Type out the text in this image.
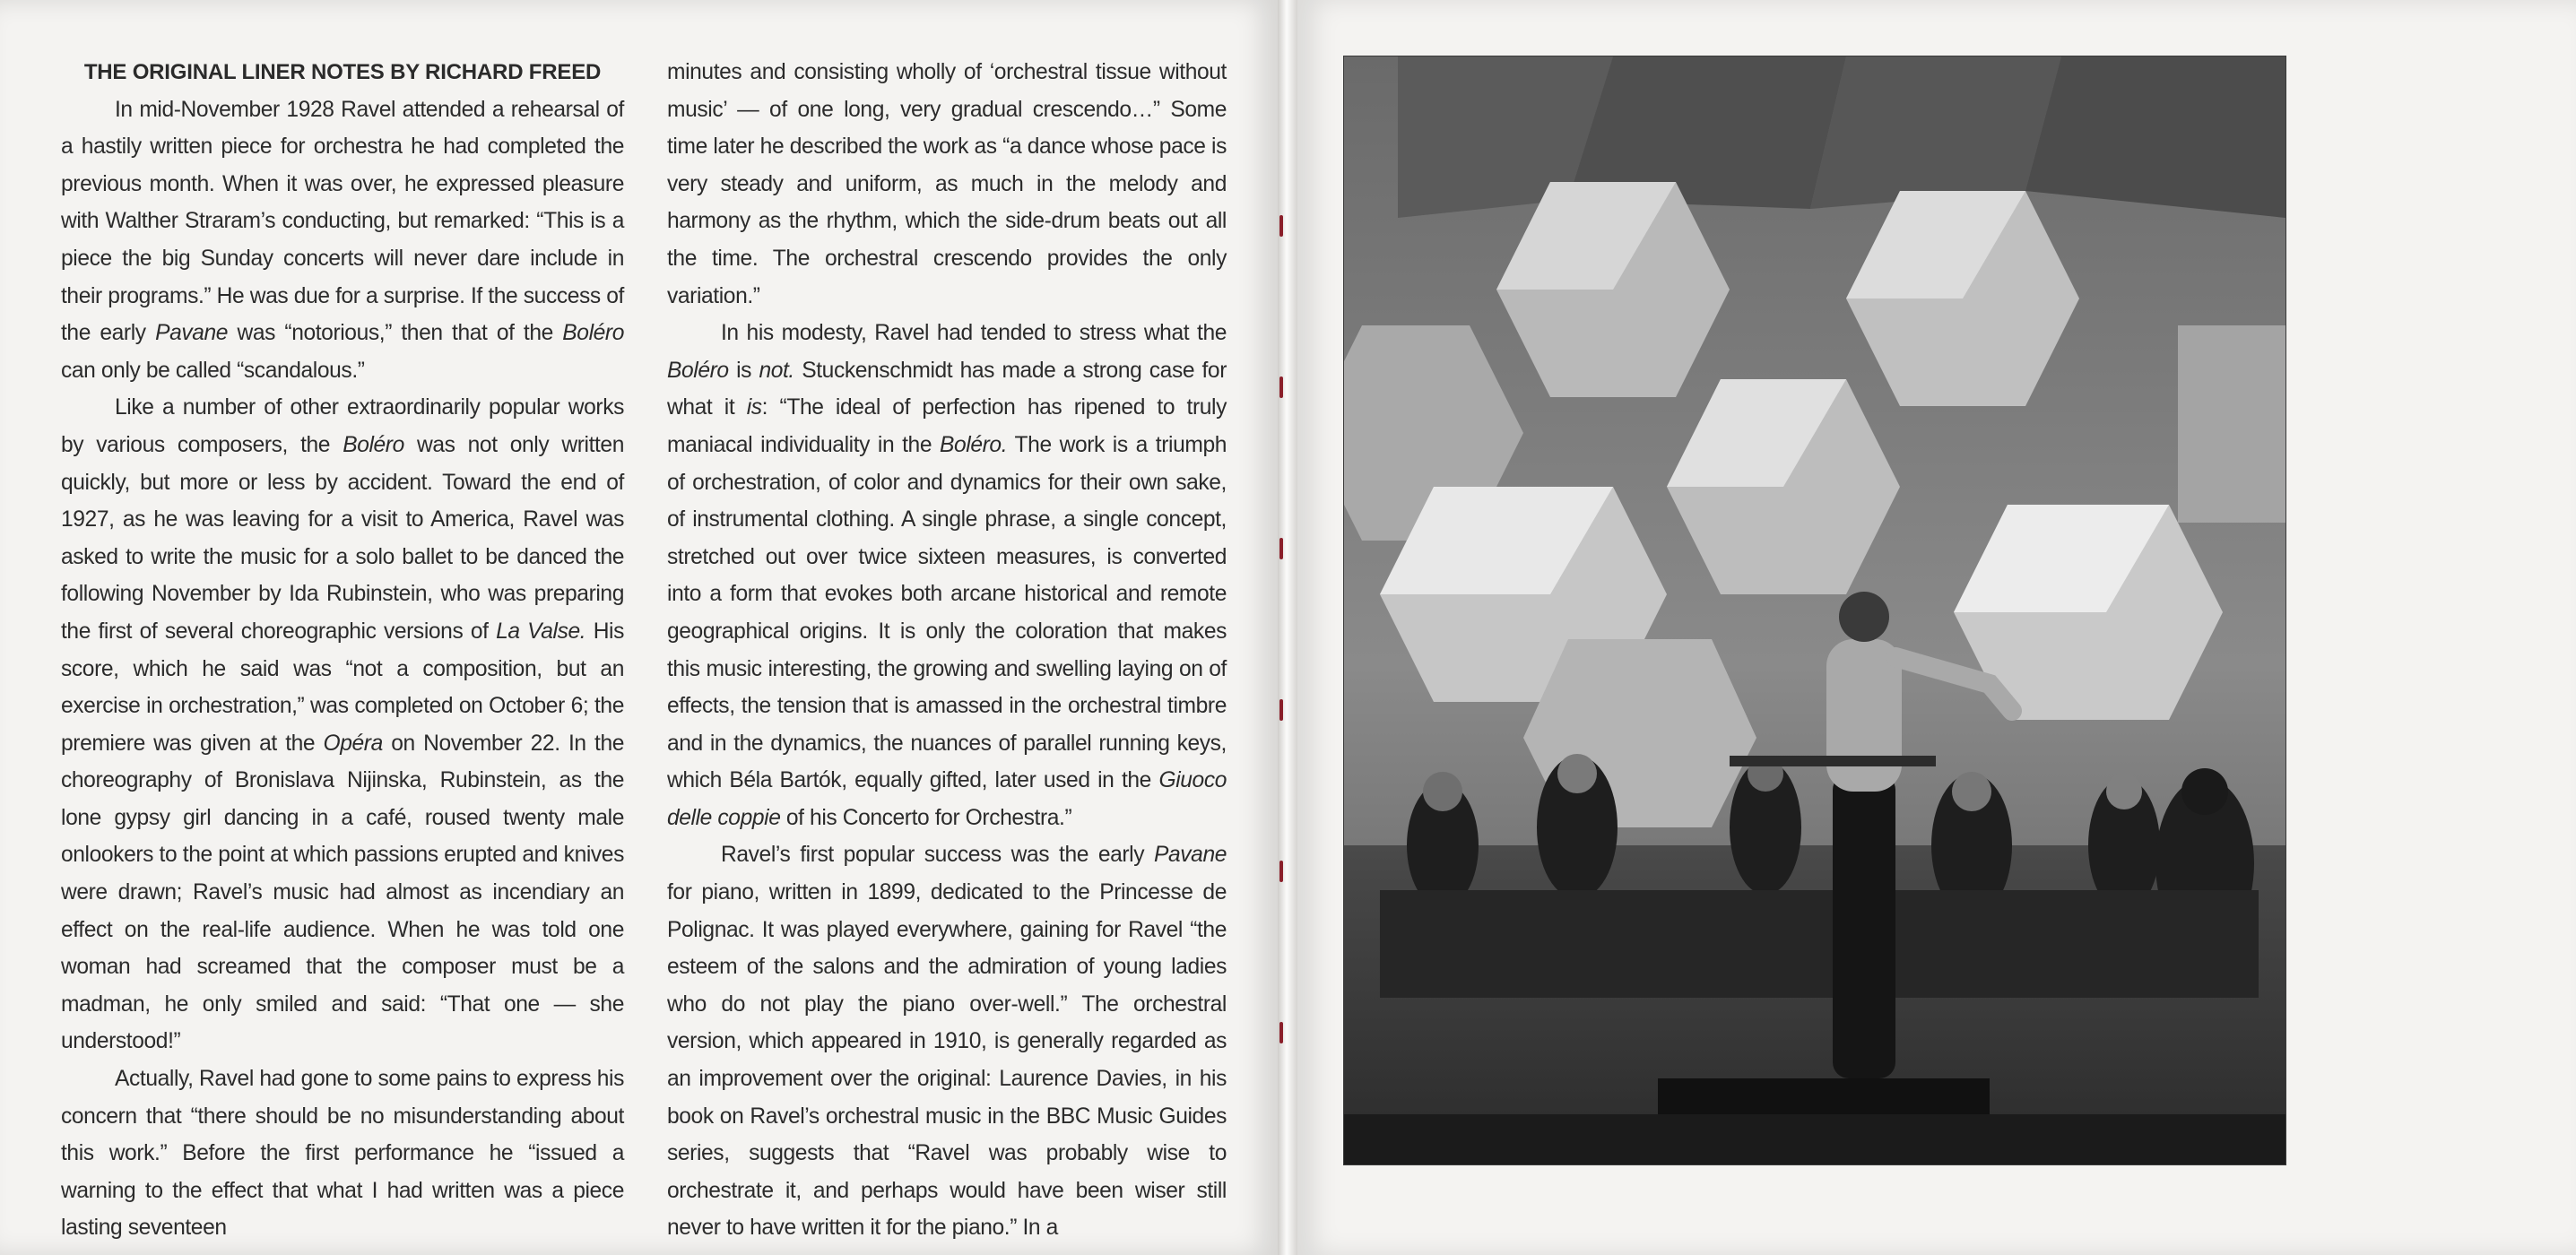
THE ORIGINAL LINER NOTES BY RICHARD FREED

In mid-November 1928 Ravel attended a rehearsal of a hastily written piece for orchestra he had completed the previous month. When it was over, he expressed pleasure with Walther Straram’s conducting, but remarked: “This is a piece the big Sunday concerts will never dare include in their programs.” He was due for a surprise. If the success of the early Pavane was “notorious,” then that of the Boléro can only be called “scandalous.”

Like a number of other extraordinarily popular works by various composers, the Boléro was not only written quickly, but more or less by accident. Toward the end of 1927, as he was leaving for a visit to America, Ravel was asked to write the music for a solo ballet to be danced the following November by Ida Rubinstein, who was preparing the first of several choreographic versions of La Valse. His score, which he said was “not a composition, but an exercise in orchestration,” was completed on October 6; the premiere was given at the Opéra on November 22. In the choreography of Bronislava Nijinska, Rubinstein, as the lone gypsy girl dancing in a café, roused twenty male onlookers to the point at which passions erupted and knives were drawn; Ravel’s music had almost as incendiary an effect on the real-life audience. When he was told one woman had screamed that the composer must be a madman, he only smiled and said: “That one — she understood!”

Actually, Ravel had gone to some pains to express his concern that “there should be no misunderstanding about this work.” Before the first performance he “issued a warning to the effect that what I had written was a piece lasting seventeen

minutes and consisting wholly of ‘orchestral tissue without music’ — of one long, very gradual crescendo…” Some time later he described the work as “a dance whose pace is very steady and uniform, as much in the melody and harmony as the rhythm, which the side-drum beats out all the time. The orchestral crescendo provides the only variation.”

In his modesty, Ravel had tended to stress what the Boléro is not. Stuckenschmidt has made a strong case for what it is: “The ideal of perfection has ripened to truly maniacal individuality in the Boléro. The work is a triumph of orchestration, of color and dynamics for their own sake, of instrumental clothing. A single phrase, a single concept, stretched out over twice sixteen measures, is converted into a form that evokes both arcane historical and remote geographical origins. It is only the coloration that makes this music interesting, the growing and swelling laying on of effects, the tension that is amassed in the orchestral timbre and in the dynamics, the nuances of parallel running keys, which Béla Bartók, equally gifted, later used in the Giuoco delle coppie of his Concerto for Orchestra.”

Ravel’s first popular success was the early Pavane for piano, written in 1899, dedicated to the Princesse de Polignac. It was played everywhere, gaining for Ravel “the esteem of the salons and the admiration of young ladies who do not play the piano over-well.” The orchestral version, which appeared in 1910, is generally regarded as an improvement over the original: Laurence Davies, in his book on Ravel’s orchestral music in the BBC Music Guides series, suggests that “Ravel was probably wise to orchestrate it, and perhaps would have been wiser still never to have written it for the piano.” In a
